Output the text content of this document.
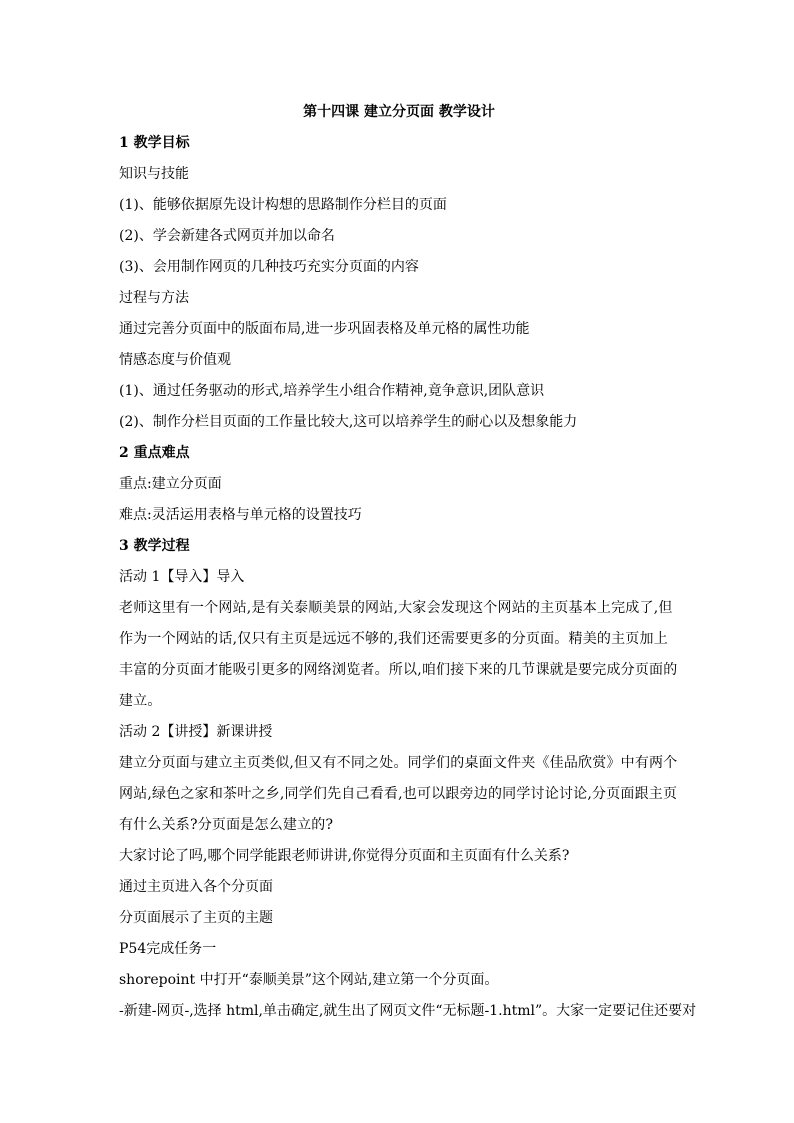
第十四课 建立分页面 教学设计

1 教学目标

知识与技能

(1)、能够依据原先设计构想的思路制作分栏目的页面

(2)、学会新建各式网页并加以命名

(3)、会用制作网页的几种技巧充实分页面的内容

过程与方法

通过完善分页面中的版面布局,进一步巩固表格及单元格的属性功能

情感态度与价值观

(1)、通过任务驱动的形式,培养学生小组合作精神,竟争意识,团队意识

(2)、制作分栏目页面的工作量比较大,这可以培养学生的耐心以及想象能力

2 重点难点

重点:建立分页面

难点:灵活运用表格与单元格的设置技巧

3 教学过程

活动 1【导入】导入

老师这里有一个网站,是有关泰顺美景的网站,大家会发现这个网站的主页基本上完成了,但作为一个网站的话,仅只有主页是远远不够的,我们还需要更多的分页面。精美的主页加上丰富的分页面才能吸引更多的网络浏览者。所以,咱们接下来的几节课就是要完成分页面的建立。

活动 2【讲授】新课讲授

建立分页面与建立主页类似,但又有不同之处。同学们的桌面文件夹《佳品欣赏》中有两个网站,绿色之家和茶叶之乡,同学们先自己看看,也可以跟旁边的同学讨论讨论,分页面跟主页有什么关系?分页面是怎么建立的?

大家讨论了吗,哪个同学能跟老师讲讲,你觉得分页面和主页面有什么关系?

通过主页进入各个分页面

分页面展示了主页的主题

P54完成任务一

shorepoint 中打开“泰顺美景”这个网站,建立第一个分页面。

-新建-网页-,选择 html,单击确定,就生出了网页文件“无标题-1.html”。大家一定要记住还要对
